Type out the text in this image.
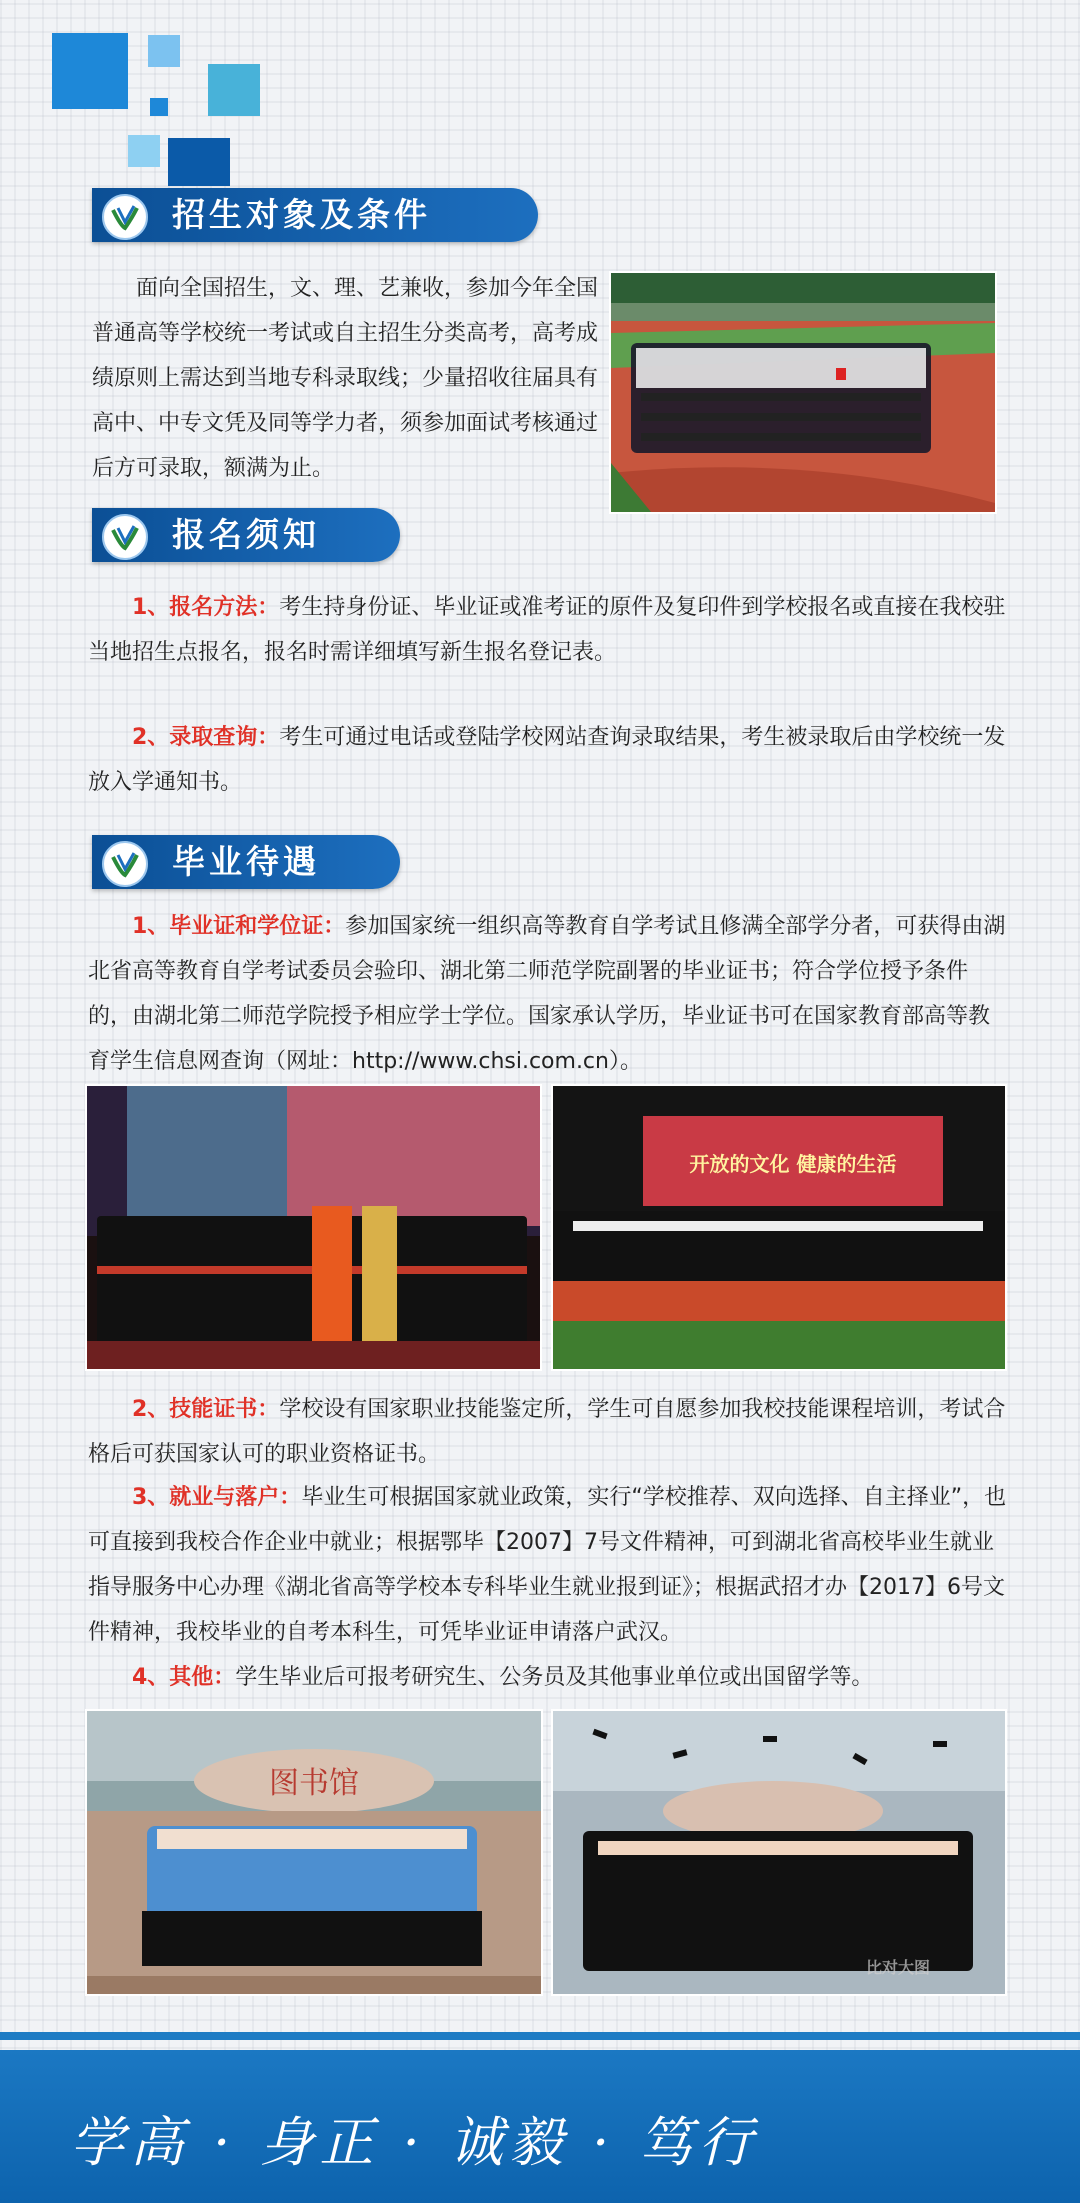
招生对象及条件
面向全国招生，文、理、艺兼收，参加今年全国普通高等学校统一考试或自主招生分类高考，高考成绩原则上需达到当地专科录取线；少量招收往届具有高中、中专文凭及同等学力者，须参加面试考核通过后方可录取，额满为止。
报名须知
1、报名方法：考生持身份证、毕业证或准考证的原件及复印件到学校报名或直接在我校驻当地招生点报名，报名时需详细填写新生报名登记表。
2、录取查询：考生可通过电话或登陆学校网站查询录取结果，考生被录取后由学校统一发放入学通知书。
毕业待遇
1、毕业证和学位证：参加国家统一组织高等教育自学考试且修满全部学分者，可获得由湖北省高等教育自学考试委员会验印、湖北第二师范学院副署的毕业证书；符合学位授予条件的，由湖北第二师范学院授予相应学士学位。国家承认学历，毕业证书可在国家教育部高等教育学生信息网查询（网址：http://www.chsi.com.cn）。
开放的文化 健康的生活
2、技能证书：学校设有国家职业技能鉴定所，学生可自愿参加我校技能课程培训，考试合格后可获国家认可的职业资格证书。
3、就业与落户：毕业生可根据国家就业政策，实行“学校推荐、双向选择、自主择业”，也可直接到我校合作企业中就业；根据鄂毕【2007】7号文件精神，可到湖北省高校毕业生就业指导服务中心办理《湖北省高等学校本专科毕业生就业报到证》；根据武招才办【2017】6号文件精神，我校毕业的自考本科生，可凭毕业证申请落户武汉。
4、其他：学生毕业后可报考研究生、公务员及其他事业单位或出国留学等。
图书馆
比对大图
学高 · 身正 · 诚毅 · 笃行
